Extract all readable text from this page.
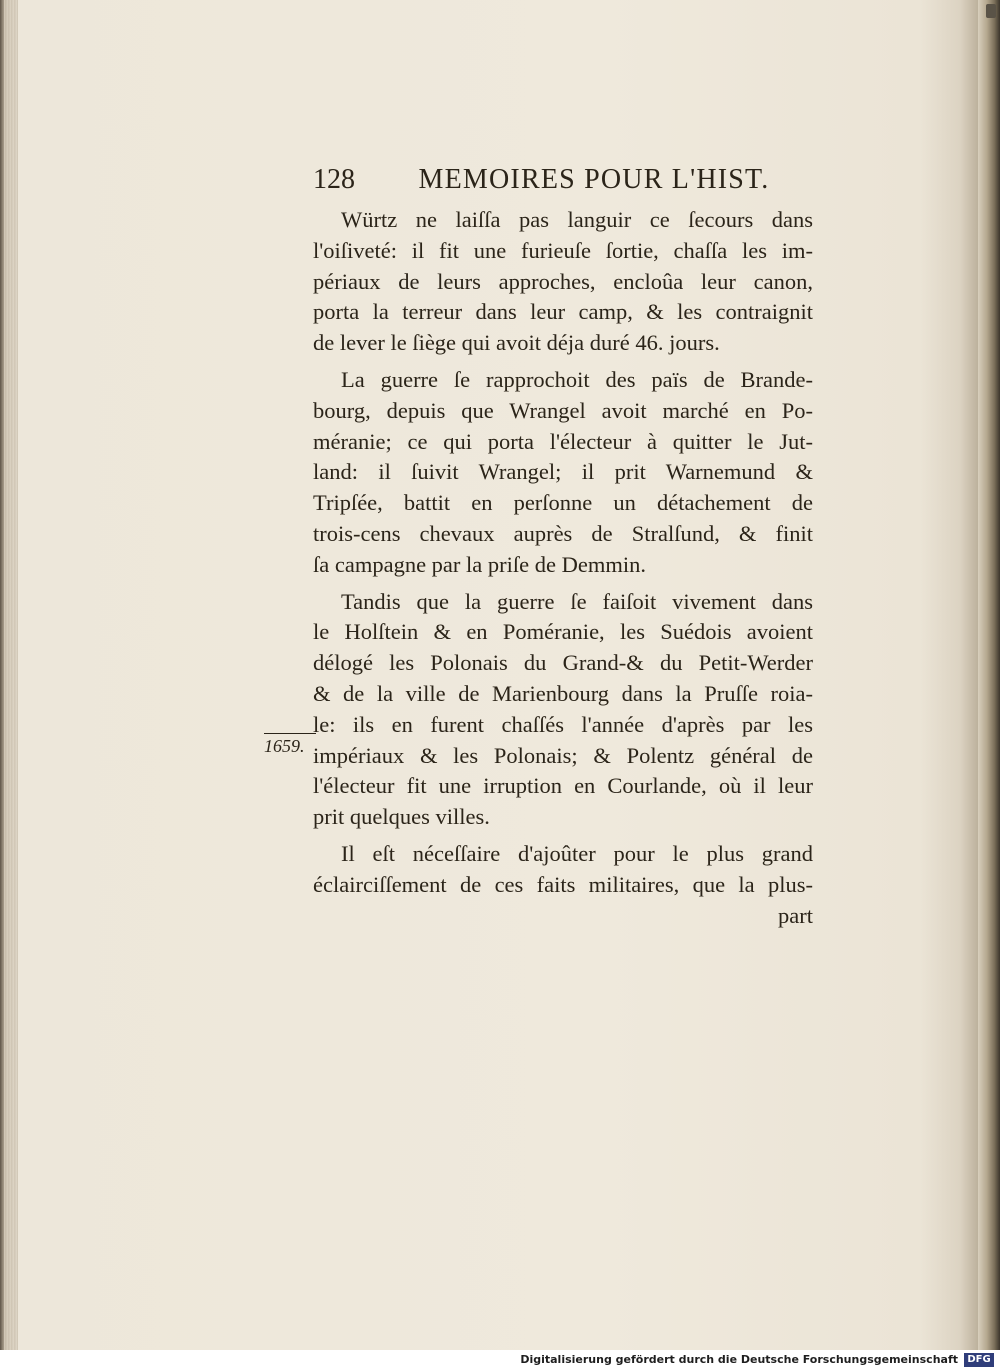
128	MEMOIRES POUR L'HIST.
Würtz ne laiſſa pas languir ce ſecours dans
l'oiſiveté: il fit une furieuſe ſortie, chaſſa les im-
périaux de leurs approches, encloûa leur canon,
porta la terreur dans leur camp, & les contraignit
de lever le ſiège qui avoit déja duré 46. jours.
La guerre ſe rapprochoit des païs de Brande-
bourg, depuis que Wrangel avoit marché en Po-
méranie; ce qui porta l'électeur à quitter le Jut-
land: il ſuivit Wrangel; il prit Warnemund &
Tripſée, battit en perſonne un détachement de
trois-cens chevaux auprès de Stralſund, & finit
ſa campagne par la priſe de Demmin.
Tandis que la guerre ſe faiſoit vivement dans
le Holſtein & en Poméranie, les Suédois avoient
délogé les Polonais du Grand-& du Petit-Werder
& de la ville de Marienbourg dans la Pruſſe roia-
le: ils en furent chaſſés l'année d'après par les
impériaux & les Polonais; & Polentz général de
l'électeur fit une irruption en Courlande, où il leur
prit quelques villes.
Il eſt néceſſaire d'ajoûter pour le plus grand
éclairciſſement de ces faits militaires, que la plus-
part
1659.
Digitalisierung gefördert durch die Deutsche Forschungsgemeinschaft DFG
